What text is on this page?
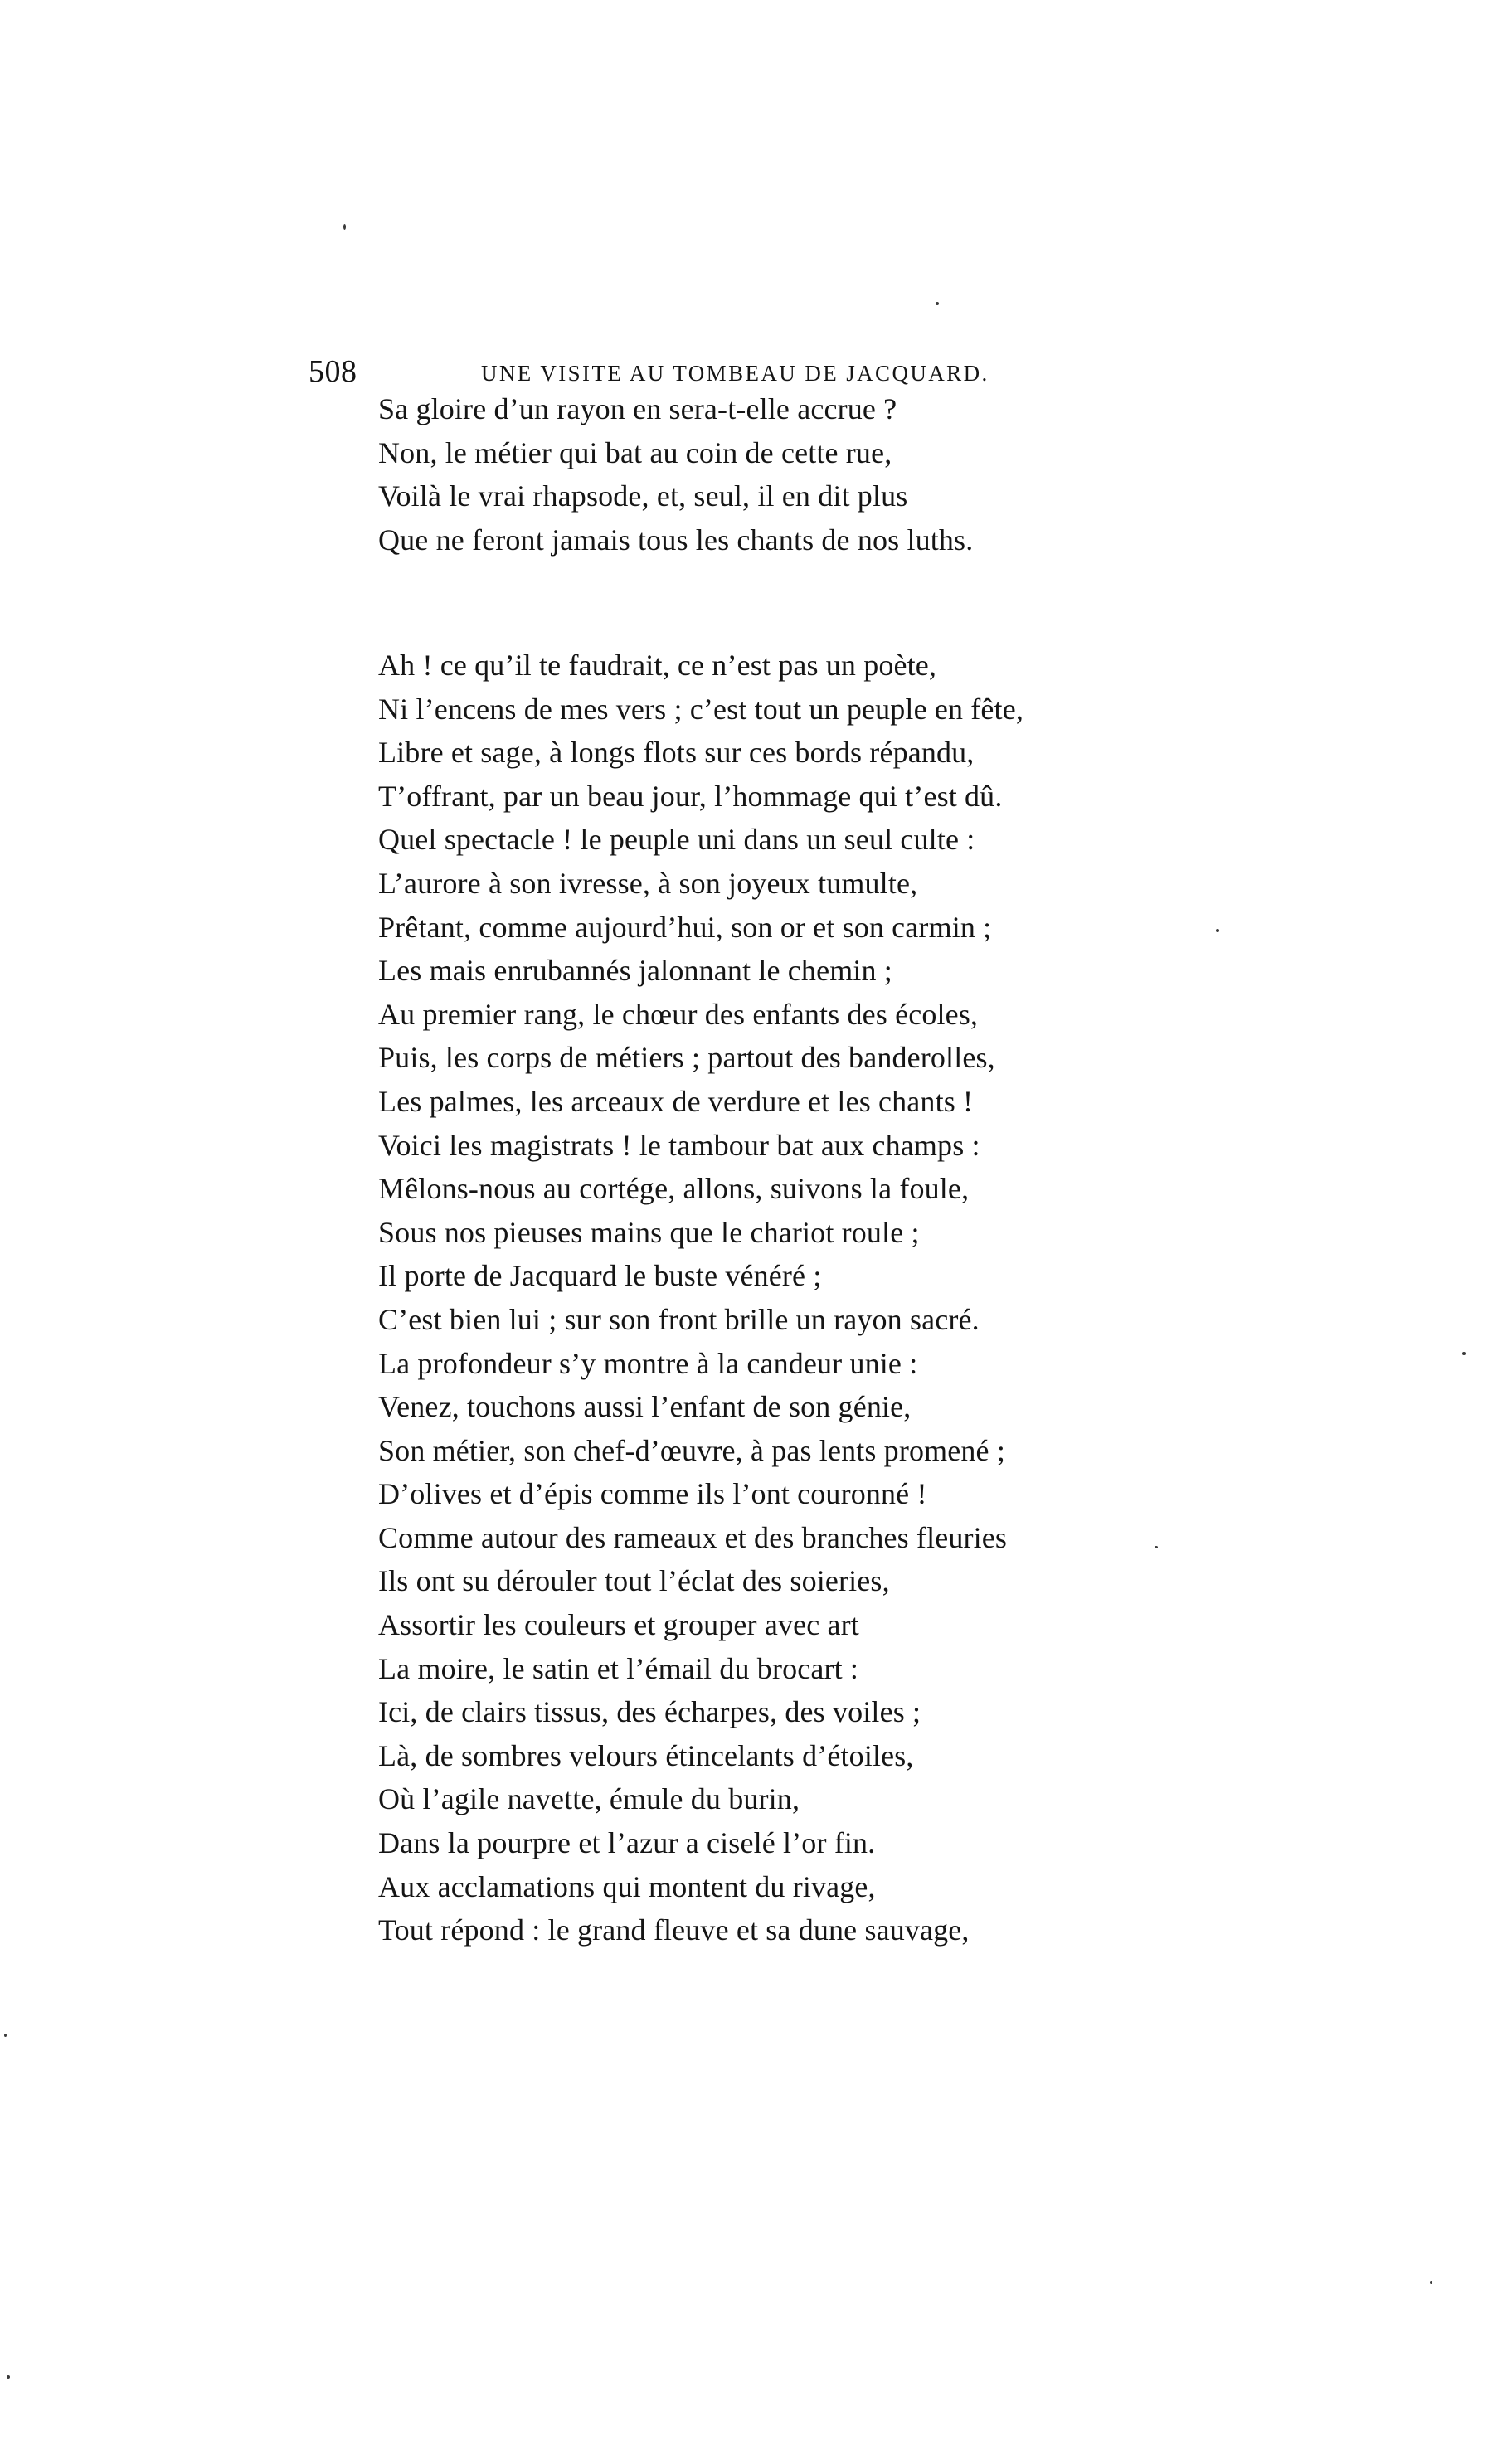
508	UNE VISITE AU TOMBEAU DE JACQUARD.
Sa gloire d’un rayon en sera-t-elle accrue ?
Non, le métier qui bat au coin de cette rue,
Voilà le vrai rhapsode, et, seul, il en dit plus
Que ne feront jamais tous les chants de nos luths.
Ah ! ce qu’il te faudrait, ce n’est pas un poète,
Ni l’encens de mes vers ; c’est tout un peuple en fête,
Libre et sage, à longs flots sur ces bords répandu,
T’offrant, par un beau jour, l’hommage qui t’est dû.
Quel spectacle ! le peuple uni dans un seul culte :
L’aurore à son ivresse, à son joyeux tumulte,
Prêtant, comme aujourd’hui, son or et son carmin ;
Les mais enrubannés jalonnant le chemin ;
Au premier rang, le chœur des enfants des écoles,
Puis, les corps de métiers ; partout des banderolles,
Les palmes, les arceaux de verdure et les chants !
Voici les magistrats ! le tambour bat aux champs :
Mêlons-nous au cortége, allons, suivons la foule,
Sous nos pieuses mains que le chariot roule ;
Il porte de Jacquard le buste vénéré ;
C’est bien lui ; sur son front brille un rayon sacré.
La profondeur s’y montre à la candeur unie :
Venez, touchons aussi l’enfant de son génie,
Son métier, son chef-d’œuvre, à pas lents promené ;
D’olives et d’épis comme ils l’ont couronné !
Comme autour des rameaux et des branches fleuries
Ils ont su dérouler tout l’éclat des soieries,
Assortir les couleurs et grouper avec art
La moire, le satin et l’émail du brocart :
Ici, de clairs tissus, des écharpes, des voiles ;
Là, de sombres velours étincelants d’étoiles,
Où l’agile navette, émule du burin,
Dans la pourpre et l’azur a ciselé l’or fin.
Aux acclamations qui montent du rivage,
Tout répond : le grand fleuve et sa dune sauvage,
